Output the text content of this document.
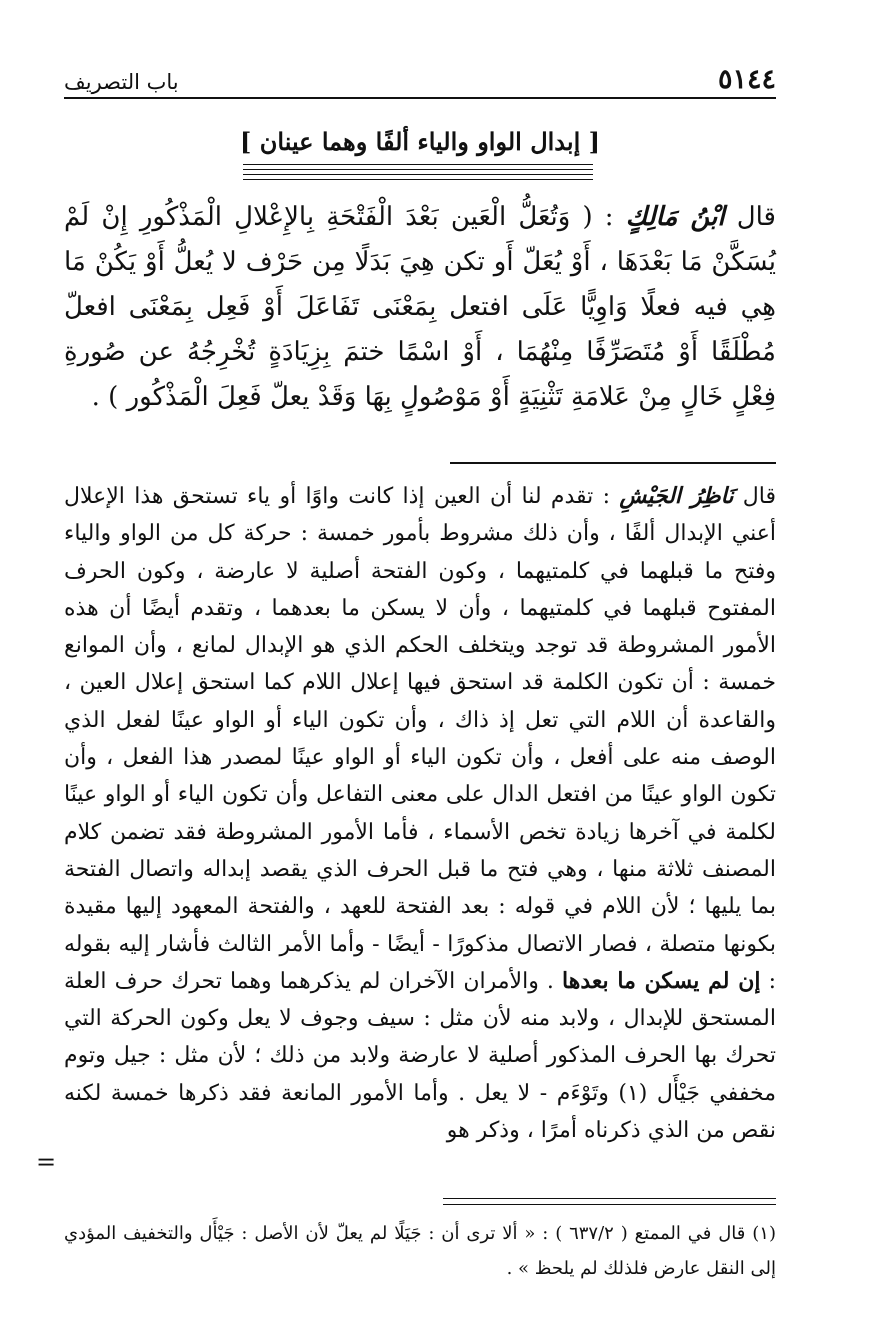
٥١٤٤
باب التصريف
[ إبدال الواو والياء ألفًا وهما عينان ]
قال ابْنُ مَالِكٍ : ( وَتُعَلُّ الْعَين بَعْدَ الْفَتْحَةِ بِالإِعْلالِ الْمَذْكُورِ إِنْ لَمْ يُسَكَّنْ مَا بَعْدَهَا ، أَوْ يُعَلّ أَو تكن هِيَ بَدَلًا مِن حَرْف لا يُعلُّ أَوْ يَكُنْ مَا هِي فيه فعلًا وَاوِيًّا عَلَى افتعل بِمَعْنَى تَفَاعَلَ أَوْ فَعِل بِمَعْنَى افعلّ مُطْلَقًا أَوْ مُتَصَرِّفًا مِنْهُمَا ، أَوْ اسْمًا ختمَ بِزِيَادَةٍ تُخْرِجُهُ عن صُورةِ فِعْلٍ خَالٍ مِنْ عَلامَةِ تَثْنِيَةٍ أَوْ مَوْصُولٍ بِهَا وَقَدْ يعلّ فَعِلَ الْمَذْكُور ) .
قال نَاظِرُ الجَيْشِ : تقدم لنا أن العين إذا كانت واوًا أو ياء تستحق هذا الإعلال أعني الإبدال ألفًا ، وأن ذلك مشروط بأمور خمسة : حركة كل من الواو والياء وفتح ما قبلهما في كلمتيهما ، وكون الفتحة أصلية لا عارضة ، وكون الحرف المفتوح قبلهما في كلمتيهما ، وأن لا يسكن ما بعدهما ، وتقدم أيضًا أن هذه الأمور المشروطة قد توجد ويتخلف الحكم الذي هو الإبدال لمانع ، وأن الموانع خمسة : أن تكون الكلمة قد استحق فيها إعلال اللام كما استحق إعلال العين ، والقاعدة أن اللام التي تعل إذ ذاك ، وأن تكون الياء أو الواو عينًا لفعل الذي الوصف منه على أفعل ، وأن تكون الياء أو الواو عينًا لمصدر هذا الفعل ، وأن تكون الواو عينًا من افتعل الدال على معنى التفاعل وأن تكون الياء أو الواو عينًا لكلمة في آخرها زيادة تخص الأسماء ، فأما الأمور المشروطة فقد تضمن كلام المصنف ثلاثة منها ، وهي فتح ما قبل الحرف الذي يقصد إبداله واتصال الفتحة بما يليها ؛ لأن اللام في قوله : بعد الفتحة للعهد ، والفتحة المعهود إليها مقيدة بكونها متصلة ، فصار الاتصال مذكورًا - أيضًا - وأما الأمر الثالث فأشار إليه بقوله : إن لم يسكن ما بعدها . والأمران الآخران لم يذكرهما وهما تحرك حرف العلة المستحق للإبدال ، ولابد منه لأن مثل : سيف وجوف لا يعل وكون الحركة التي تحرك بها الحرف المذكور أصلية لا عارضة ولابد من ذلك ؛ لأن مثل : جيل وتوم مخففي جَيْأَل (١) وتَوْءَم - لا يعل . وأما الأمور المانعة فقد ذكرها خمسة لكنه نقص من الذي ذكرناه أمرًا ، وذكر هو
=
(١) قال في الممتع ( ٦٣٧/٢ ) : « ألا ترى أن : جَيَلًا لم يعلّ لأن الأصل : جَيْأَل والتخفيف المؤدي إلى النقل عارض فلذلك لم يلحظ » .
